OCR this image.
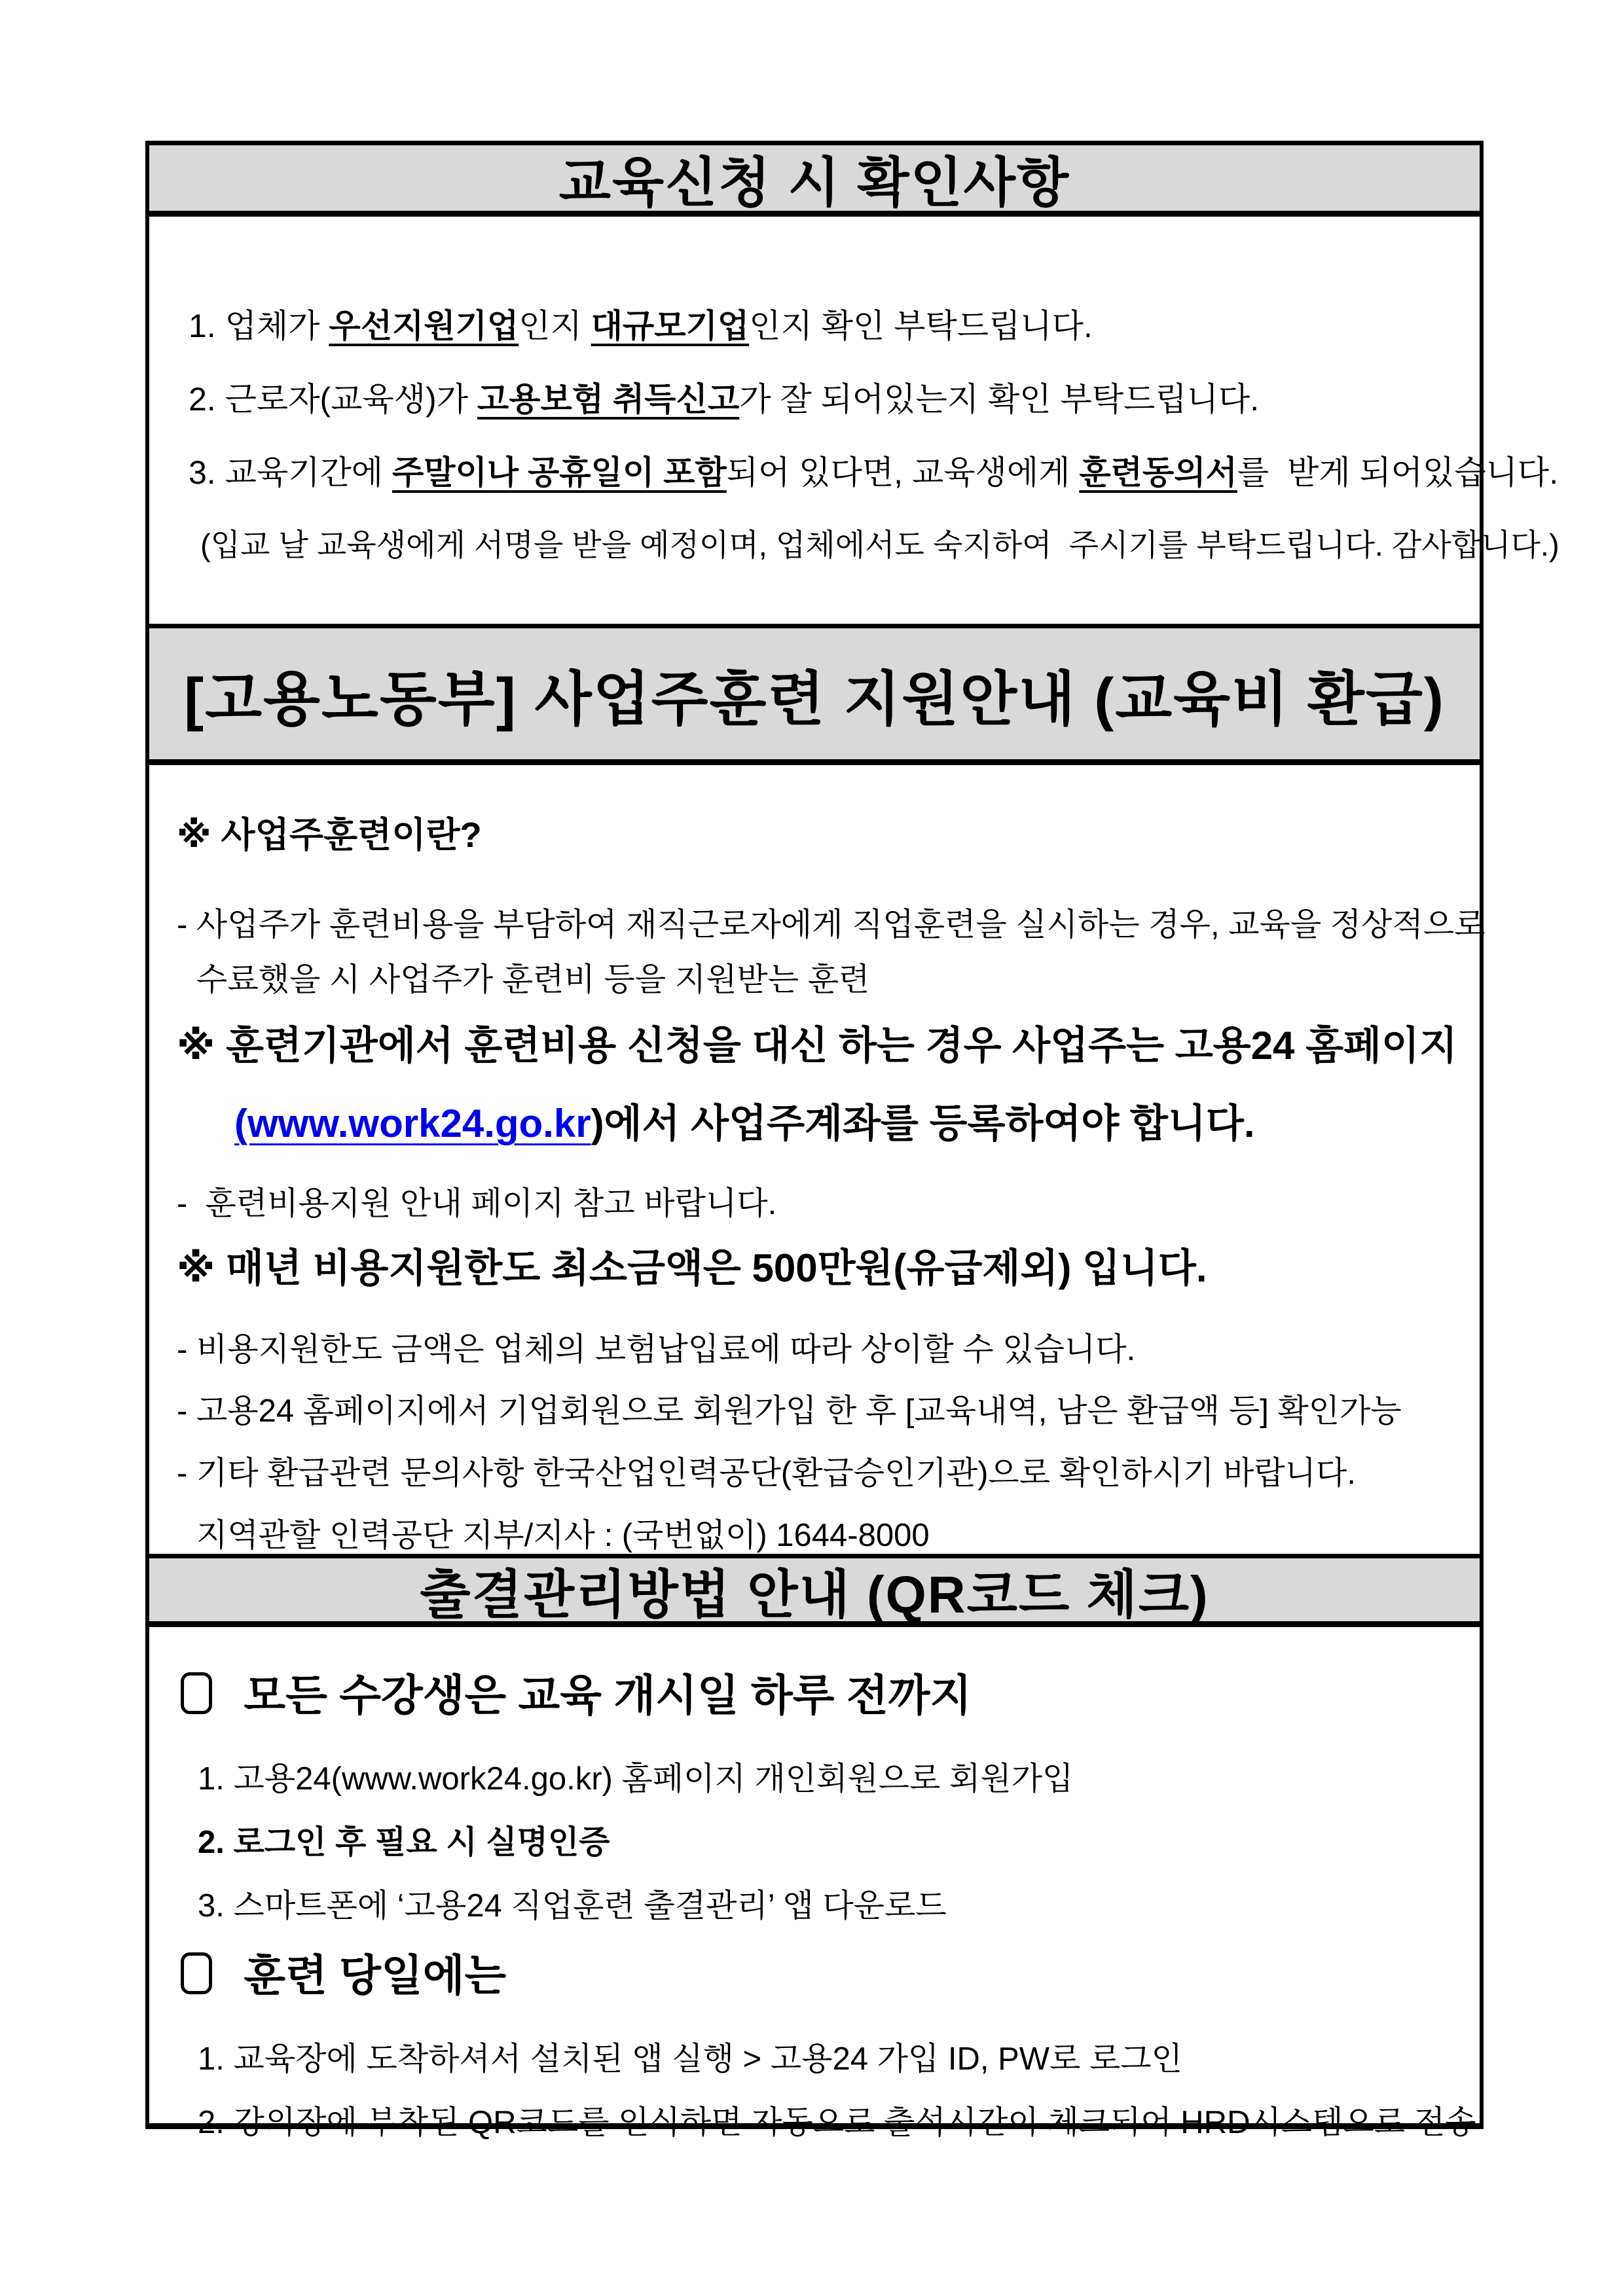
교육신청 시 확인사항
1. 업체가 우선지원기업인지 대규모기업인지 확인 부탁드립니다.
2. 근로자(교육생)가 고용보험 취득신고가 잘 되어있는지 확인 부탁드립니다.
3. 교육기간에 주말이나 공휴일이 포함되어 있다면, 교육생에게 훈련동의서를  받게 되어있습니다.
(입교 날 교육생에게 서명을 받을 예정이며, 업체에서도 숙지하여  주시기를 부탁드립니다. 감사합니다.)
[고용노동부] 사업주훈련 지원안내 (교육비 환급)
※ 사업주훈련이란?
- 사업주가 훈련비용을 부담하여 재직근로자에게 직업훈련을 실시하는 경우, 교육을 정상적으로
수료했을 시 사업주가 훈련비 등을 지원받는 훈련
※ 훈련기관에서 훈련비용 신청을 대신 하는 경우 사업주는 고용24 홈페이지
(www.work24.go.kr)에서 사업주계좌를 등록하여야 합니다.
-  훈련비용지원 안내 페이지 참고 바랍니다.
※ 매년 비용지원한도 최소금액은 500만원(유급제외) 입니다.
- 비용지원한도 금액은 업체의 보험납입료에 따라 상이할 수 있습니다.
- 고용24 홈페이지에서 기업회원으로 회원가입 한 후 [교육내역, 남은 환급액 등] 확인가능
- 기타 환급관련 문의사항 한국산업인력공단(환급승인기관)으로 확인하시기 바랍니다.
지역관할 인력공단 지부/지사 : (국번없이) 1644-8000
출결관리방법 안내 (QR코드 체크)
모든 수강생은 교육 개시일 하루 전까지
1. 고용24(www.work24.go.kr) 홈페이지 개인회원으로 회원가입
2. 로그인 후 필요 시 실명인증
3. 스마트폰에 ‘고용24 직업훈련 출결관리’ 앱 다운로드
훈련 당일에는
1. 교육장에 도착하셔서 설치된 앱 실행 > 고용24 가입 ID, PW로 로그인
2. 강의장에 부착된 QR코드를 인식하면 자동으로 출석시간이 체크되어 HRD시스템으로 전송
